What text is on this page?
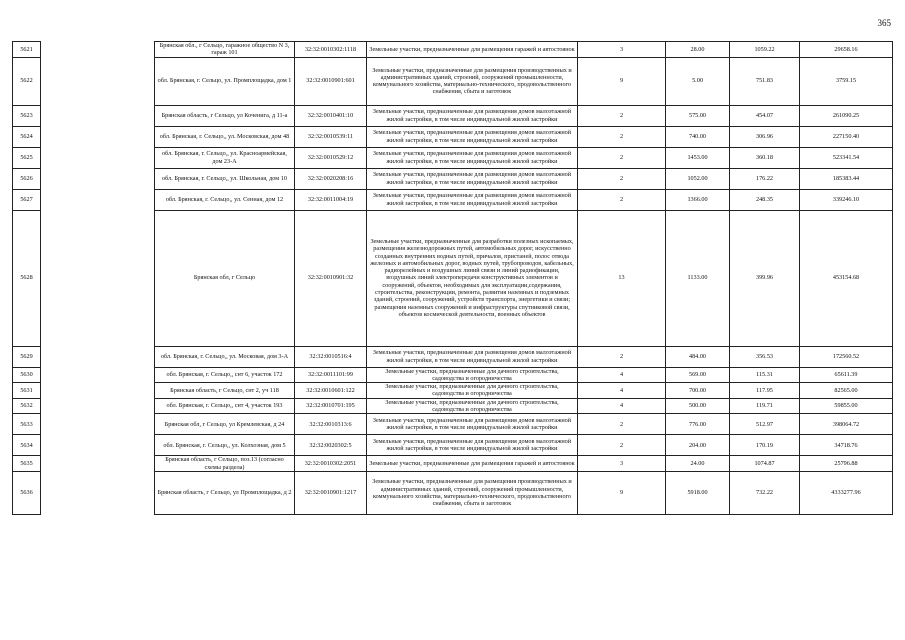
365
5621		Брянская обл., г Сельцо, гаражное общество N 3, гараж 101	32:32:0010302:1118	Земельные участки, предназначенные для размещения гаражей и автостоянок	3	28.00	1059.22	29658.16
5622		обл. Брянская, г. Сельцо, ул. Промплощадка, дом 1	32:32:0010901:601	Земельные участки, предназначенные для размещения производственных и административных зданий, строений, сооружений промышленности, коммунального хозяйства, материально-технического, продовольственного снабжения, сбыта и заготовок	9	5.00	751.83	3759.15
5623		Брянская область, г Сельцо, ул Коченига, д 11-а	32:32:0010401:10	Земельные участки, предназначенные для размещения домов малоэтажной жилой застройки, в том числе индивидуальной жилой застройки	2	575.00	454.07	261090.25
5624		обл. Брянская, г. Сельцо,, ул. Московская, дом 48	32:32:0010539:11	Земельные участки, предназначенные для размещения домов малоэтажной жилой застройки, в том числе индивидуальной жилой застройки	2	740.00	306.96	227150.40
5625		обл. Брянская, г. Сельцо,, ул. Красноармейская, дом 23-А	32:32:0010529:12	Земельные участки, предназначенные для размещения домов малоэтажной жилой застройки, в том числе индивидуальной жилой застройки	2	1453.00	360.18	523341.54
5626		обл. Брянская, г. Сельцо,, ул. Школьная, дом 10	32:32:0020208:16	Земельные участки, предназначенные для размещения домов малоэтажной жилой застройки, в том числе индивидуальной жилой застройки	2	1052.00	176.22	185383.44
5627		обл. Брянская, г. Сельцо,, ул. Сенная, дом 12	32:32:0011004:19	Земельные участки, предназначенные для размещения домов малоэтажной жилой застройки, в том числе индивидуальной жилой застройки	2	1366.00	248.35	339246.10
5628		Брянская обл, г Сельцо	32:32:0010901:32	Земельные участки, предназначенные для разработки полезных ископаемых, размещения железнодорожных путей, автомобильных дорог, искусственно созданных внутренних водных путей, причалов, пристаней, полос отвода железных и автомобильных дорог, водных путей, трубопроводов, кабельных, радиорелейных и воздушных линий связи и линий радиофикации, воздушных линий электропередачи конструктивных элементов и сооружений, объектов, необходимых для эксплуатации,содержания, строительства, реконструкции, ремонта, развития наземных и подземных зданий, строений, сооружений, устройств транспорта, энергетики и связи; размещения наземных сооружений и инфраструктуры спутниковой связи, объектов космической деятельности, военных объектов	13	1133.00	399.96	453154.68
5629		обл. Брянская, г. Сельцо,, ул. Московая, дом 3-А	32:32:0010516:4	Земельные участки, предназначенные для размещения домов малоэтажной жилой застройки, в том числе индивидуальной жилой застройки	2	484.00	356.53	172560.52
5630		обл. Брянская, г. Сельцо,, снт 6, участок 172	32:32:0011101:99	Земельные участки, предназначенные для дачного строительства, садоводства и огородничества	4	569.00	115.31	65611.39
5631		Брянская область, г Сельцо, снт 2, уч 118	32:32:0010601:122	Земельные участки, предназначенные для дачного строительства, садоводства и огородничества	4	700.00	117.95	82565.00
5632		обл. Брянская, г. Сельцо,, снт 4, участок 193	32:32:0010701:195	Земельные участки, предназначенные для дачного строительства, садоводства и огородничества	4	500.00	119.71	59855.00
5633		Брянская обл, г Сельцо, ул Кремлевская, д 24	32:32:0010313:6	Земельные участки, предназначенные для размещения домов малоэтажной жилой застройки, в том числе индивидуальной жилой застройки	2	776.00	512.97	398064.72
5634		обл. Брянская, г. Сельцо,, ул. Колхозная, дом 5	32:32:0020302:5	Земельные участки, предназначенные для размещения домов малоэтажной жилой застройки, в том числе индивидуальной жилой застройки	2	204.00	170.19	34718.76
5635		Брянская область, г Сельцо, поз.13 (согласно схемы раздела)	32:32:0010302:2051	Земельные участки, предназначенные для размещения гаражей и автостоянок	3	24.00	1074.87	25796.88
5636		Брянская область, г Сельцо, ул Промплощадка, д 2	32:32:0010901:1217	Земельные участки, предназначенные для размещения производственных и административных зданий, строений, сооружений промышленности, коммунального хозяйства, материально-технического, продовольственного снабжения, сбыта и заготовок	9	5918.00	732.22	4333277.96
